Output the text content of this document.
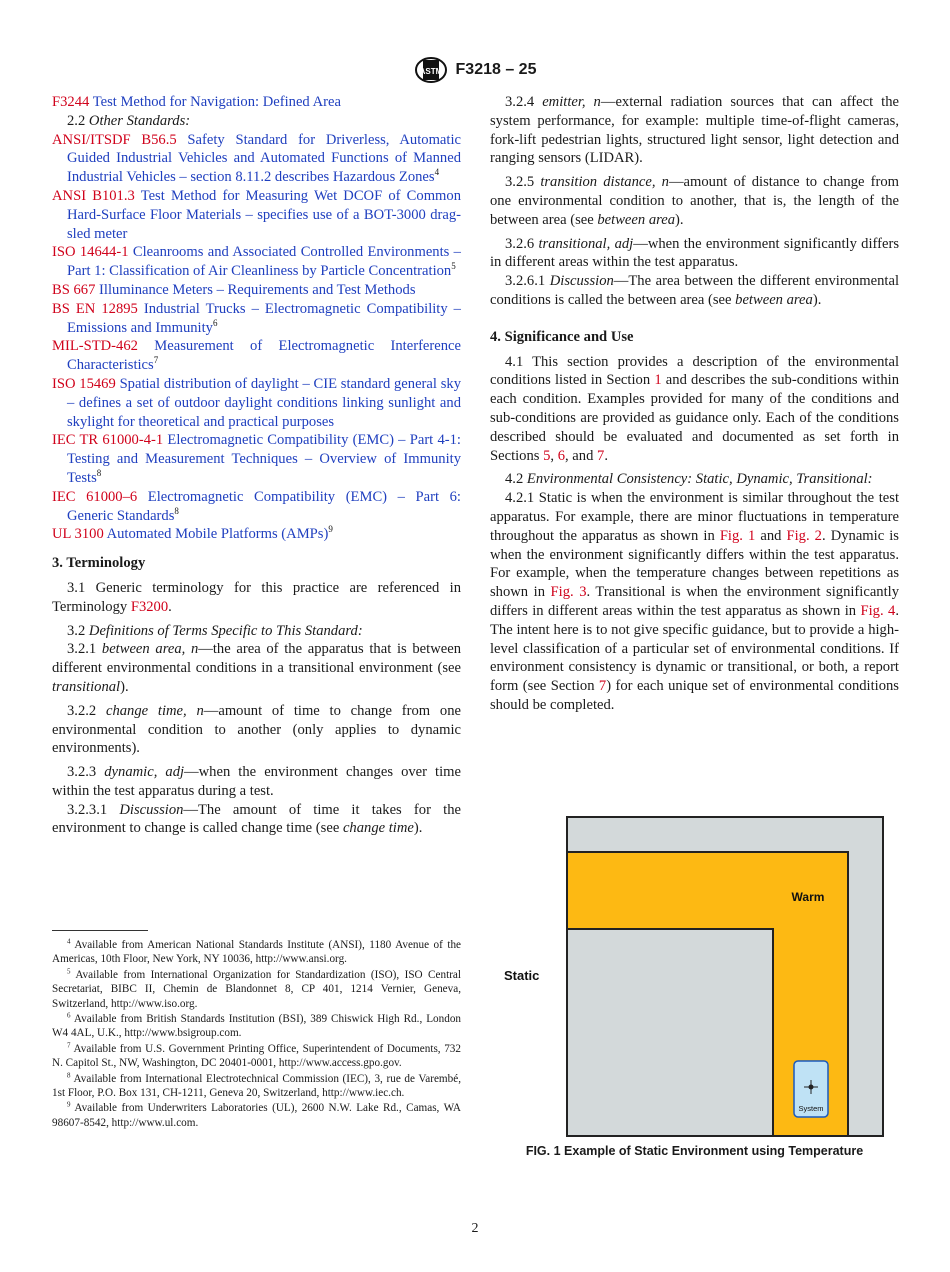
ASTM F3218 – 25

F3244 Test Method for Navigation: Defined Area

2.2 Other Standards:

ANSI/ITSDF B56.5 Safety Standard for Driverless, Automatic Guided Industrial Vehicles and Automated Functions of Manned Industrial Vehicles – section 8.11.2 describes Hazardous Zones$^4$

ANSI B101.3 Test Method for Measuring Wet DCOF of Common Hard-Surface Floor Materials – specifies use of a BOT-3000 drag-sled meter

ISO 14644-1 Cleanrooms and Associated Controlled Environments – Part 1: Classification of Air Cleanliness by Particle Concentration$^5$

BS 667 Illuminance Meters – Requirements and Test Methods

BS EN 12895 Industrial Trucks – Electromagnetic Compatibility – Emissions and Immunity$^6$

MIL-STD-462 Measurement of Electromagnetic Interference Characteristics$^7$

ISO 15469 Spatial distribution of daylight – CIE standard general sky – defines a set of outdoor daylight conditions linking sunlight and skylight for theoretical and practical purposes

IEC TR 61000-4-1 Electromagnetic Compatibility (EMC) – Part 4-1: Testing and Measurement Techniques – Overview of Immunity Tests$^8$

IEC 61000–6 Electromagnetic Compatibility (EMC) – Part 6: Generic Standards$^8$

UL 3100 Automated Mobile Platforms (AMPs)$^9$

3. Terminology

3.1 Generic terminology for this practice are referenced in Terminology F3200.

3.2 Definitions of Terms Specific to This Standard:

3.2.1 between area, n—the area of the apparatus that is between different environmental conditions in a transitional environment (see transitional).

3.2.2 change time, n—amount of time to change from one environmental condition to another (only applies to dynamic environments).

3.2.3 dynamic, adj—when the environment changes over time within the test apparatus during a test.

3.2.3.1 Discussion—The amount of time it takes for the environment to change is called change time (see change time).

$^4$ Available from American National Standards Institute (ANSI), 1180 Avenue of the Americas, 10th Floor, New York, NY 10036, http://www.ansi.org.

$^5$ Available from International Organization for Standardization (ISO), ISO Central Secretariat, BIBC II, Chemin de Blandonnet 8, CP 401, 1214 Vernier, Geneva, Switzerland, http://www.iso.org.

$^6$ Available from British Standards Institution (BSI), 389 Chiswick High Rd., London W4 4AL, U.K., http://www.bsigroup.com.

$^7$ Available from U.S. Government Printing Office, Superintendent of Documents, 732 N. Capitol St., NW, Washington, DC 20401-0001, http://www.access.gpo.gov.

$^8$ Available from International Electrotechnical Commission (IEC), 3, rue de Varembé, 1st Floor, P.O. Box 131, CH-1211, Geneva 20, Switzerland, http://www.iec.ch.

$^9$ Available from Underwriters Laboratories (UL), 2600 N.W. Lake Rd., Camas, WA 98607-8542, http://www.ul.com.

3.2.4 emitter, n—external radiation sources that can affect the system performance, for example: multiple time-of-flight cameras, fork-lift pedestrian lights, structured light sensor, light detection and ranging sensors (LIDAR).

3.2.5 transition distance, n—amount of distance to change from one environmental condition to another, that is, the length of the between area (see between area).

3.2.6 transitional, adj—when the environment significantly differs in different areas within the test apparatus.

3.2.6.1 Discussion—The area between the different environmental conditions is called the between area (see between area).

4. Significance and Use

4.1 This section provides a description of the environmental conditions listed in Section 1 and describes the sub-conditions within each condition. Examples provided for many of the conditions and sub-conditions are provided as guidance only. Each of the conditions described should be evaluated and documented as set forth in Sections 5, 6, and 7.

4.2 Environmental Consistency: Static, Dynamic, Transitional:

4.2.1 Static is when the environment is similar throughout the test apparatus. For example, there are minor fluctuations in temperature throughout the apparatus as shown in Fig. 1 and Fig. 2. Dynamic is when the environment significantly differs within the test apparatus. For example, when the temperature changes between repetitions as shown in Fig. 3. Transitional is when the environment significantly differs in different areas within the test apparatus as shown in Fig. 4. The intent here is to not give specific guidance, but to provide a high-level classification of a particular set of environmental conditions. If environment consistency is dynamic or transitional, or both, a report form (see Section 7) for each unique set of environmental conditions should be completed.

Warm
Static
System
FIG. 1 Example of Static Environment using Temperature
2
